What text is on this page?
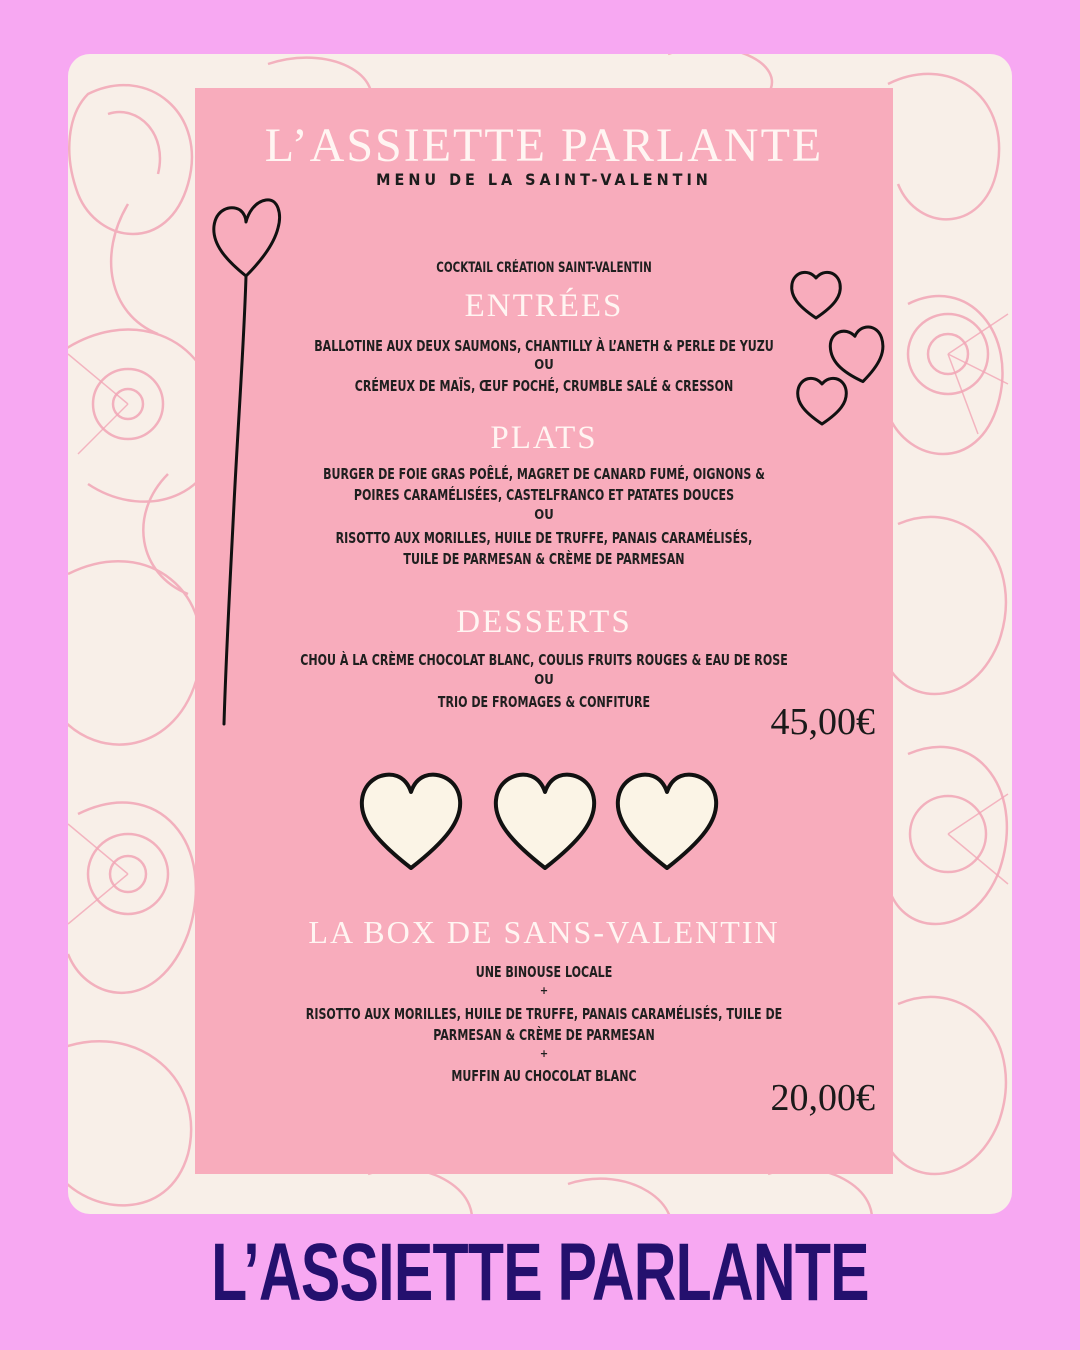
L’ASSIETTE PARLANTE
MENU DE LA SAINT-VALENTIN
COCKTAIL CRÉATION SAINT-VALENTIN
ENTRÉES
BALLOTINE AUX DEUX SAUMONS, CHANTILLY À L’ANETH & PERLE DE YUZU
OU
CRÉMEUX DE MAÏS, ŒUF POCHÉ, CRUMBLE SALÉ & CRESSON
PLATS
BURGER DE FOIE GRAS POÊLÉ, MAGRET DE CANARD FUMÉ, OIGNONS &
POIRES CARAMÉLISÉES, CASTELFRANCO ET PATATES DOUCES
OU
RISOTTO AUX MORILLES, HUILE DE TRUFFE, PANAIS CARAMÉLISÉS,
TUILE DE PARMESAN & CRÈME DE PARMESAN
DESSERTS
CHOU À LA CRÈME CHOCOLAT BLANC, COULIS FRUITS ROUGES & EAU DE ROSE
OU
TRIO DE FROMAGES & CONFITURE	45,00€
LA BOX DE SANS-VALENTIN
UNE BINOUSE LOCALE
+
RISOTTO AUX MORILLES, HUILE DE TRUFFE, PANAIS CARAMÉLISÉS, TUILE DE
PARMESAN & CRÈME DE PARMESAN
+
MUFFIN AU CHOCOLAT BLANC
20,00€
L’ASSIETTE PARLANTE
